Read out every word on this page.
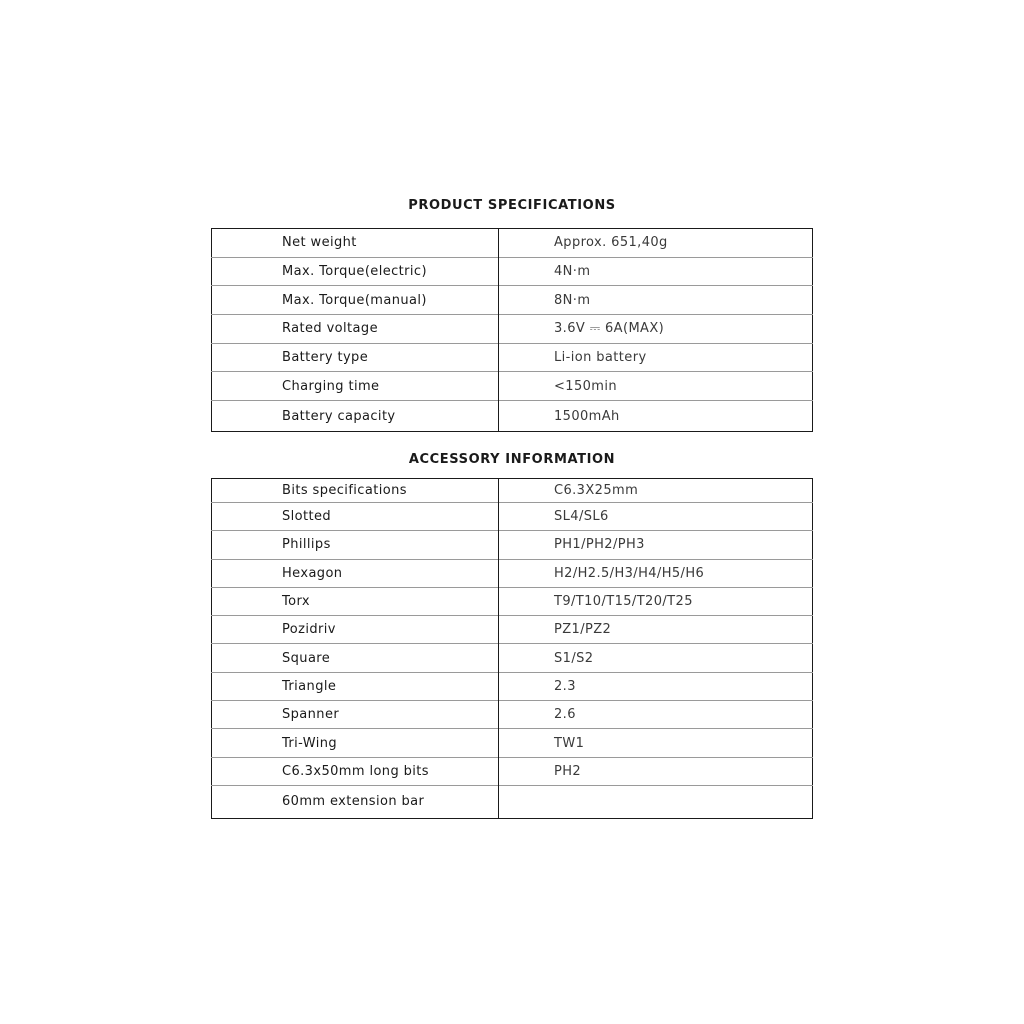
PRODUCT SPECIFICATIONS
Net weight	Approx. 651,40g
Max. Torque(electric)	4N·m
Max. Torque(manual)	8N·m
Rated voltage	3.6V ⎓ 6A(MAX)
Battery type	Li-ion battery
Charging time	<150min
Battery capacity	1500mAh
ACCESSORY INFORMATION
Bits specifications	C6.3X25mm
Slotted	SL4/SL6
Phillips	PH1/PH2/PH3
Hexagon	H2/H2.5/H3/H4/H5/H6
Torx	T9/T10/T15/T20/T25
Pozidriv	PZ1/PZ2
Square	S1/S2
Triangle	2.3
Spanner	2.6
Tri-Wing	TW1
C6.3x50mm long bits	PH2
60mm extension bar	
